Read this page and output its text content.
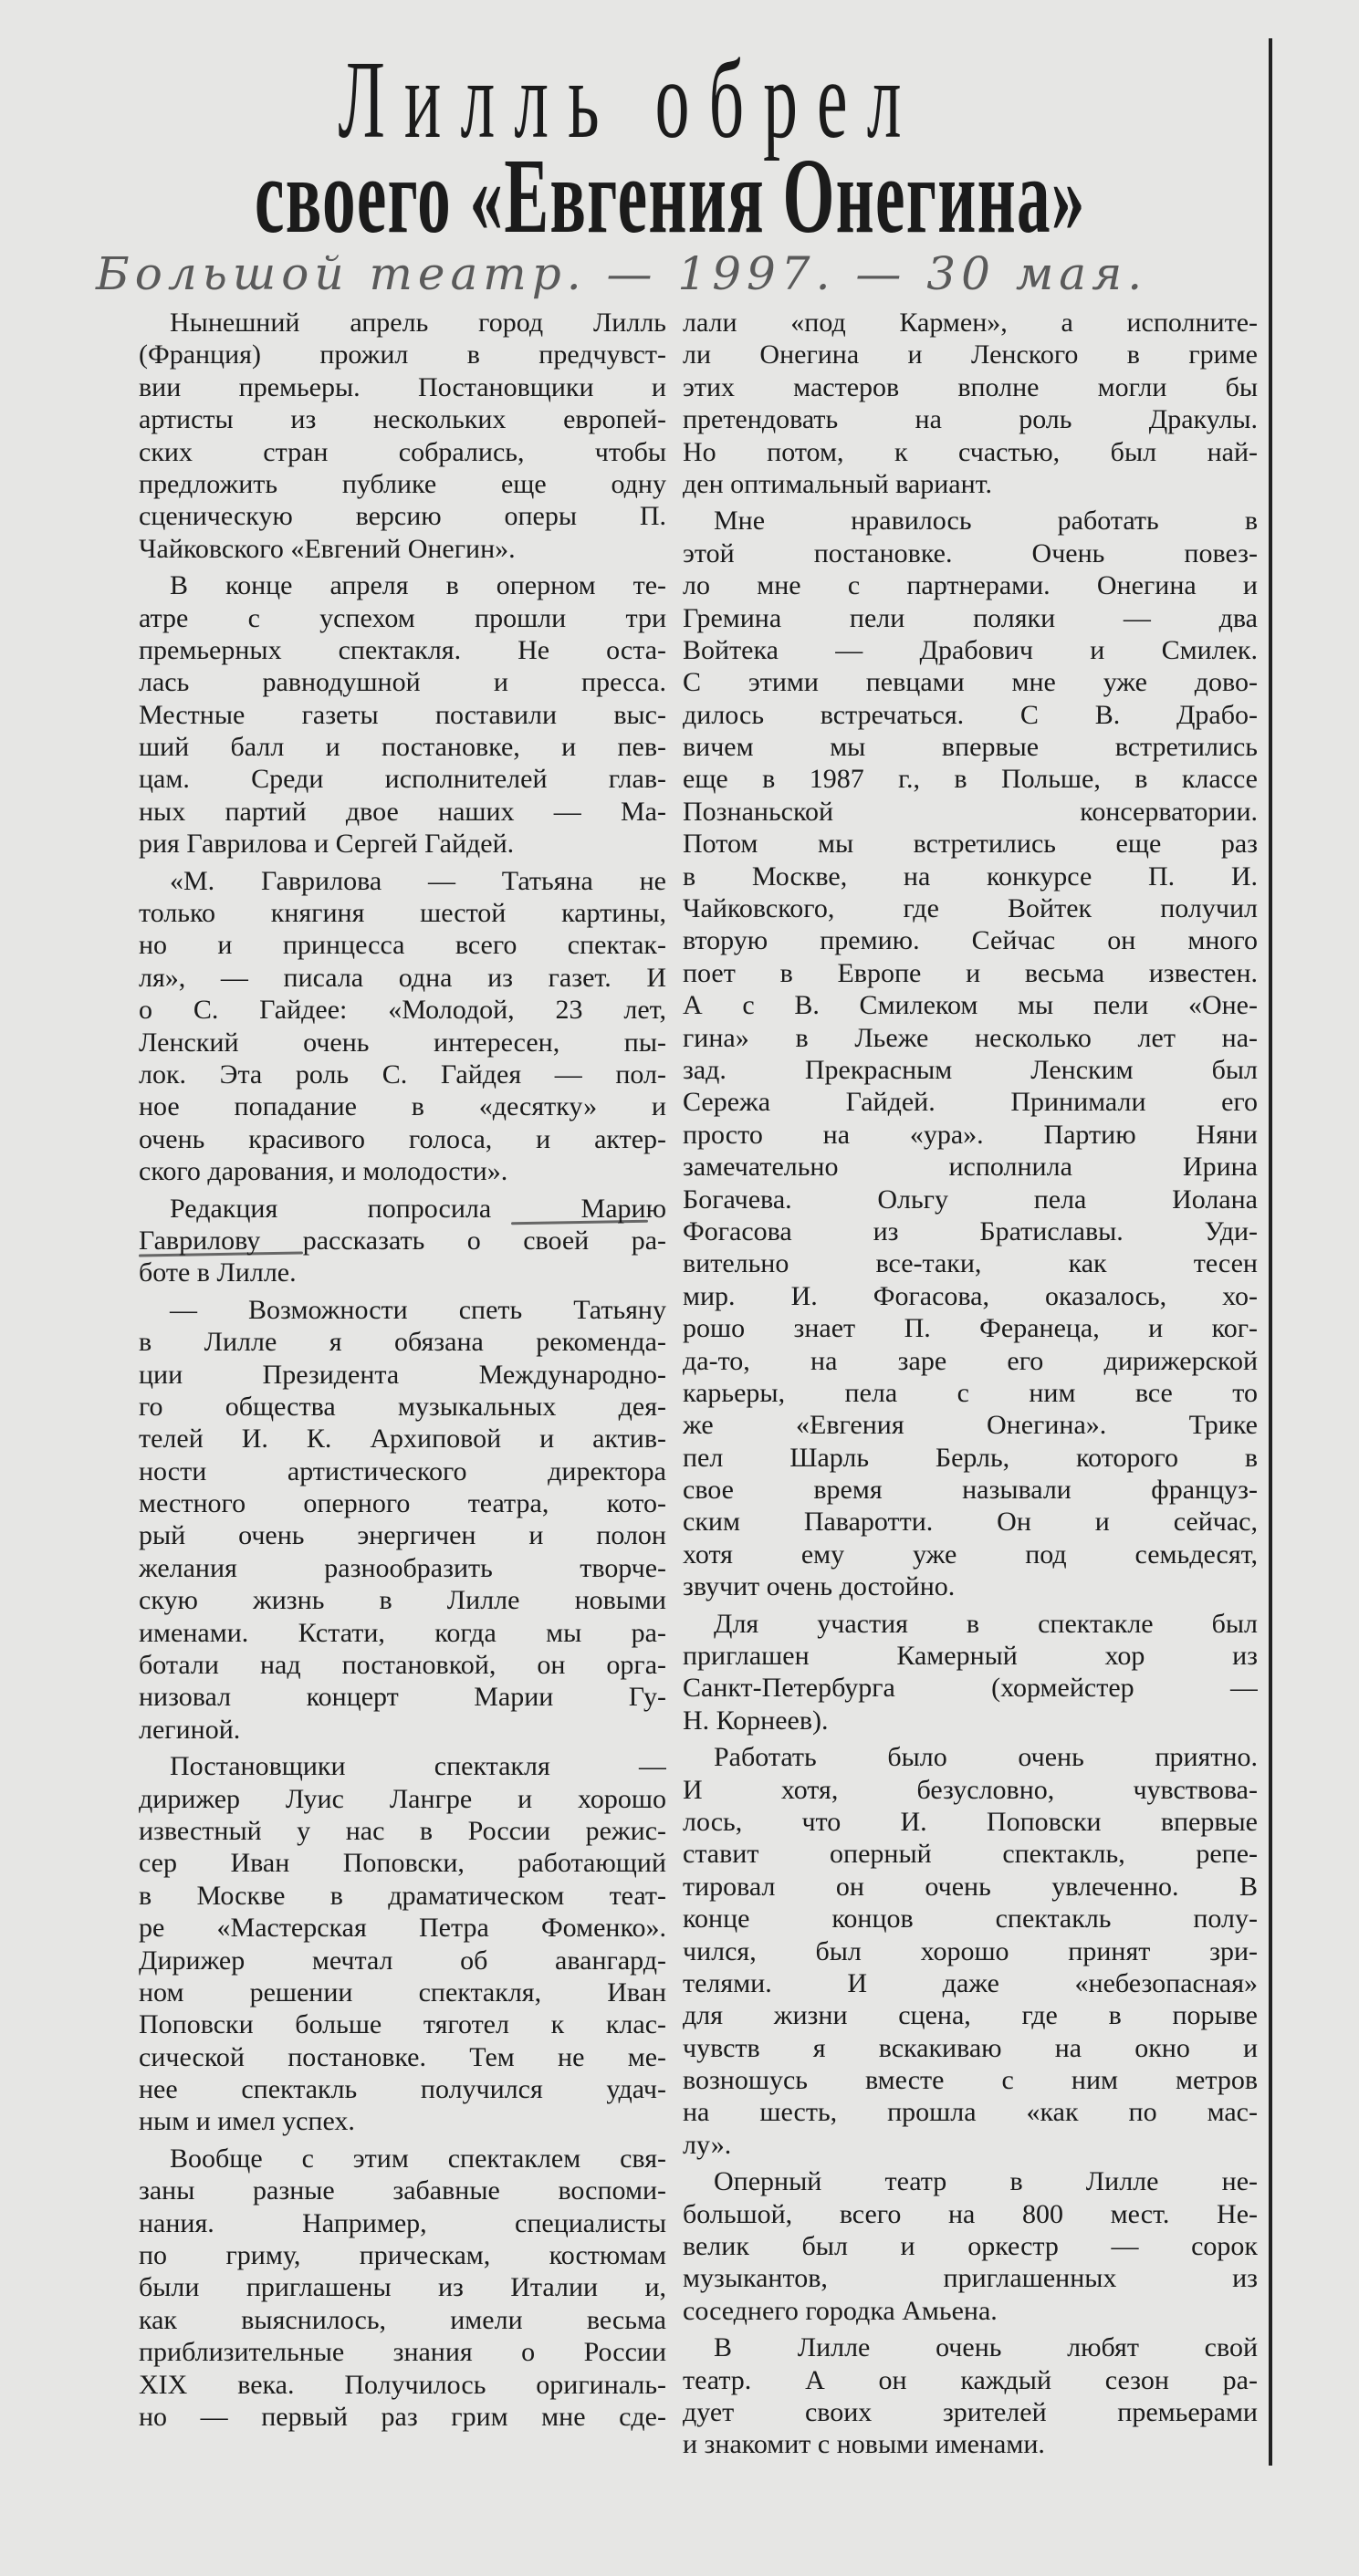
Лилль обрел
своего «Евгения Онегина»
Большой театр. — 1997. — 30 мая.
Нынешний апрель город Лилль
(Франция) прожил в предчувст-
вии премьеры. Постановщики и
артисты из нескольких европей-
ских стран собрались, чтобы
предложить публике еще одну
сценическую версию оперы П.
Чайковского «Евгений Онегин».
В конце апреля в оперном те-
атре с успехом прошли три
премьерных спектакля. Не оста-
лась равнодушной и пресса.
Местные газеты поставили выс-
ший балл и постановке, и пев-
цам. Среди исполнителей глав-
ных партий двое наших — Ма-
рия Гаврилова и Сергей Гайдей.
«М. Гаврилова — Татьяна не
только княгиня шестой картины,
но и принцесса всего спектак-
ля», — писала одна из газет. И
о С. Гайдее: «Молодой, 23 лет,
Ленский очень интересен, пы-
лок. Эта роль С. Гайдея — пол-
ное попадание в «десятку» и
очень красивого голоса, и актер-
ского дарования, и молодости».
Редакция попросила Марию
Гаврилову рассказать о своей ра-
боте в Лилле.
— Возможности спеть Татьяну
в Лилле я обязана рекоменда-
ции Президента Международно-
го общества музыкальных дея-
телей И. К. Архиповой и актив-
ности артистического директора
местного оперного театра, кото-
рый очень энергичен и полон
желания разнообразить творче-
скую жизнь в Лилле новыми
именами. Кстати, когда мы ра-
ботали над постановкой, он орга-
низовал концерт Марии Гу-
легиной.
Постановщики спектакля —
дирижер Луис Лангре и хорошо
известный у нас в России режис-
сер Иван Поповски, работающий
в Москве в драматическом теат-
ре «Мастерская Петра Фоменко».
Дирижер мечтал об авангард-
ном решении спектакля, Иван
Поповски больше тяготел к клас-
сической постановке. Тем не ме-
нее спектакль получился удач-
ным и имел успех.
Вообще с этим спектаклем свя-
заны разные забавные воспоми-
нания. Например, специалисты
по гриму, прическам, костюмам
были приглашены из Италии и,
как выяснилось, имели весьма
приблизительные знания о России
XIX века. Получилось оригиналь-
но — первый раз грим мне сде-
лали «под Кармен», а исполните-
ли Онегина и Ленского в гриме
этих мастеров вполне могли бы
претендовать на роль Дракулы.
Но потом, к счастью, был най-
ден оптимальный вариант.
Мне нравилось работать в
этой постановке. Очень повез-
ло мне с партнерами. Онегина и
Гремина пели поляки — два
Войтека — Драбович и Смилек.
С этими певцами мне уже дово-
дилось встречаться. С В. Драбо-
вичем мы впервые встретились
еще в 1987 г., в Польше, в классе
Познаньской консерватории.
Потом мы встретились еще раз
в Москве, на конкурсе П. И.
Чайковского, где Войтек получил
вторую премию. Сейчас он много
поет в Европе и весьма известен.
А с В. Смилеком мы пели «Оне-
гина» в Льеже несколько лет на-
зад. Прекрасным Ленским был
Сережа Гайдей. Принимали его
просто на «ура». Партию Няни
замечательно исполнила Ирина
Богачева. Ольгу пела Иолана
Фогасова из Братиславы. Уди-
вительно все-таки, как тесен
мир. И. Фогасова, оказалось, хо-
рошо знает П. Феранеца, и ког-
да-то, на заре его дирижерской
карьеры, пела с ним все то
же «Евгения Онегина». Трике
пел Шарль Берль, которого в
свое время называли француз-
ским Паваротти. Он и сейчас,
хотя ему уже под семьдесят,
звучит очень достойно.
Для участия в спектакле был
приглашен Камерный хор из
Санкт-Петербурга (хормейстер —
Н. Корнеев).
Работать было очень приятно.
И хотя, безусловно, чувствова-
лось, что И. Поповски впервые
ставит оперный спектакль, репе-
тировал он очень увлеченно. В
конце концов спектакль полу-
чился, был хорошо принят зри-
телями. И даже «небезопасная»
для жизни сцена, где в порыве
чувств я вскакиваю на окно и
возношусь вместе с ним метров
на шесть, прошла «как по мас-
лу».
Оперный театр в Лилле не-
большой, всего на 800 мест. Не-
велик был и оркестр — сорок
музыкантов, приглашенных из
соседнего городка Амьена.
В Лилле очень любят свой
театр. А он каждый сезон ра-
дует своих зрителей премьерами
и знакомит с новыми именами.
